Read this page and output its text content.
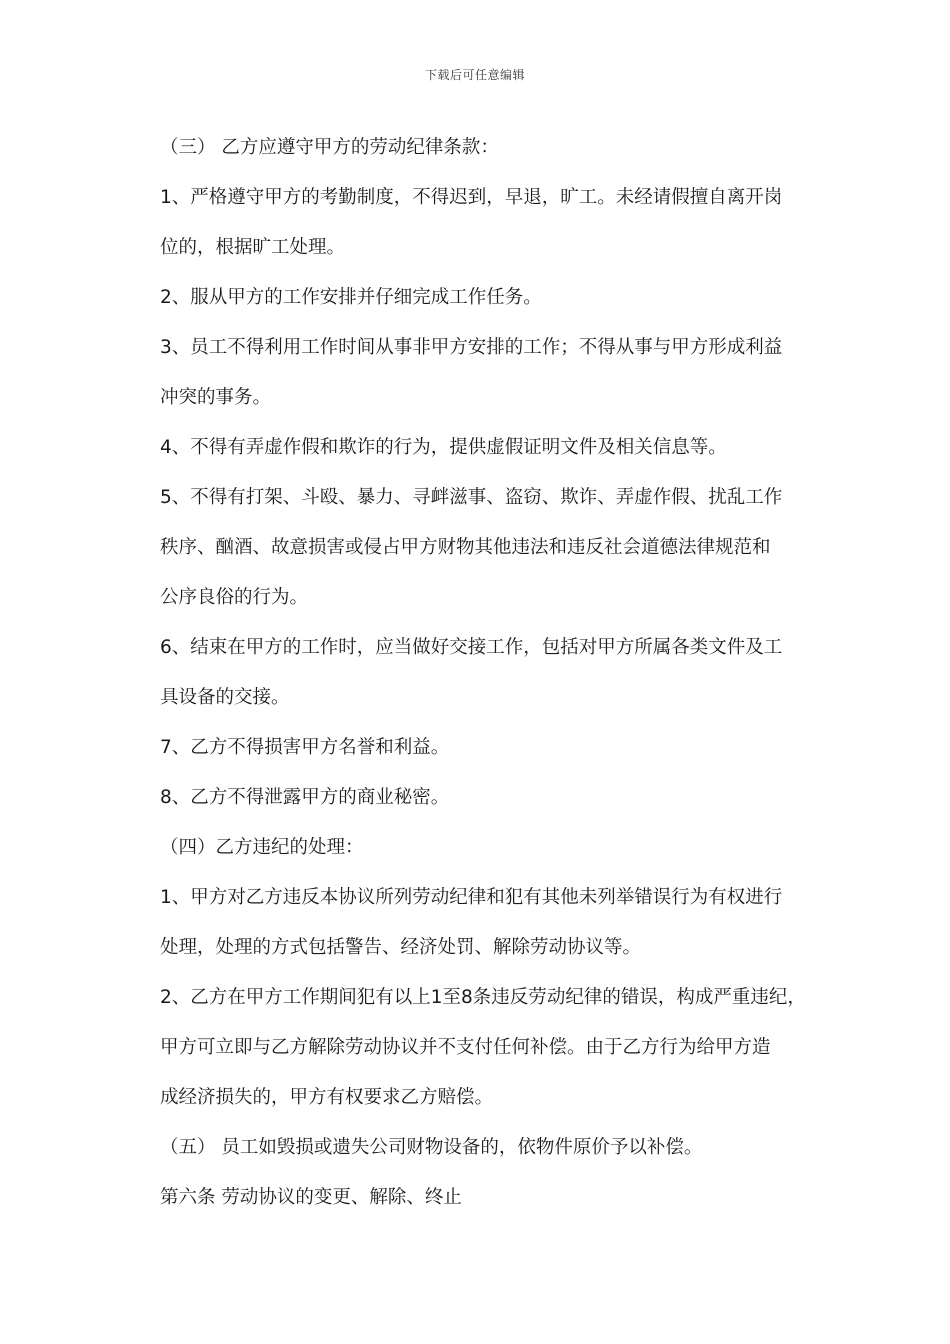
下载后可任意编辑
（三） 乙方应遵守甲方的劳动纪律条款：
1、严格遵守甲方的考勤制度，不得迟到，早退，旷工。未经请假擅自离开岗
位的，根据旷工处理。
2、服从甲方的工作安排并仔细完成工作任务。
3、员工不得利用工作时间从事非甲方安排的工作；不得从事与甲方形成利益
冲突的事务。
4、不得有弄虚作假和欺诈的行为，提供虚假证明文件及相关信息等。
5、不得有打架、斗殴、暴力、寻衅滋事、盗窃、欺诈、弄虚作假、扰乱工作
秩序、酗酒、故意损害或侵占甲方财物其他违法和违反社会道德法律规范和
公序良俗的行为。
6、结束在甲方的工作时，应当做好交接工作，包括对甲方所属各类文件及工
具设备的交接。
7、乙方不得损害甲方名誉和利益。
8、乙方不得泄露甲方的商业秘密。
（四）乙方违纪的处理：
1、甲方对乙方违反本协议所列劳动纪律和犯有其他未列举错误行为有权进行
处理，处理的方式包括警告、经济处罚、解除劳动协议等。
2、乙方在甲方工作期间犯有以上1至8条违反劳动纪律的错误，构成严重违纪，
甲方可立即与乙方解除劳动协议并不支付任何补偿。由于乙方行为给甲方造
成经济损失的，甲方有权要求乙方赔偿。
（五） 员工如毁损或遗失公司财物设备的，依物件原价予以补偿。
第六条 劳动协议的变更、解除、终止
